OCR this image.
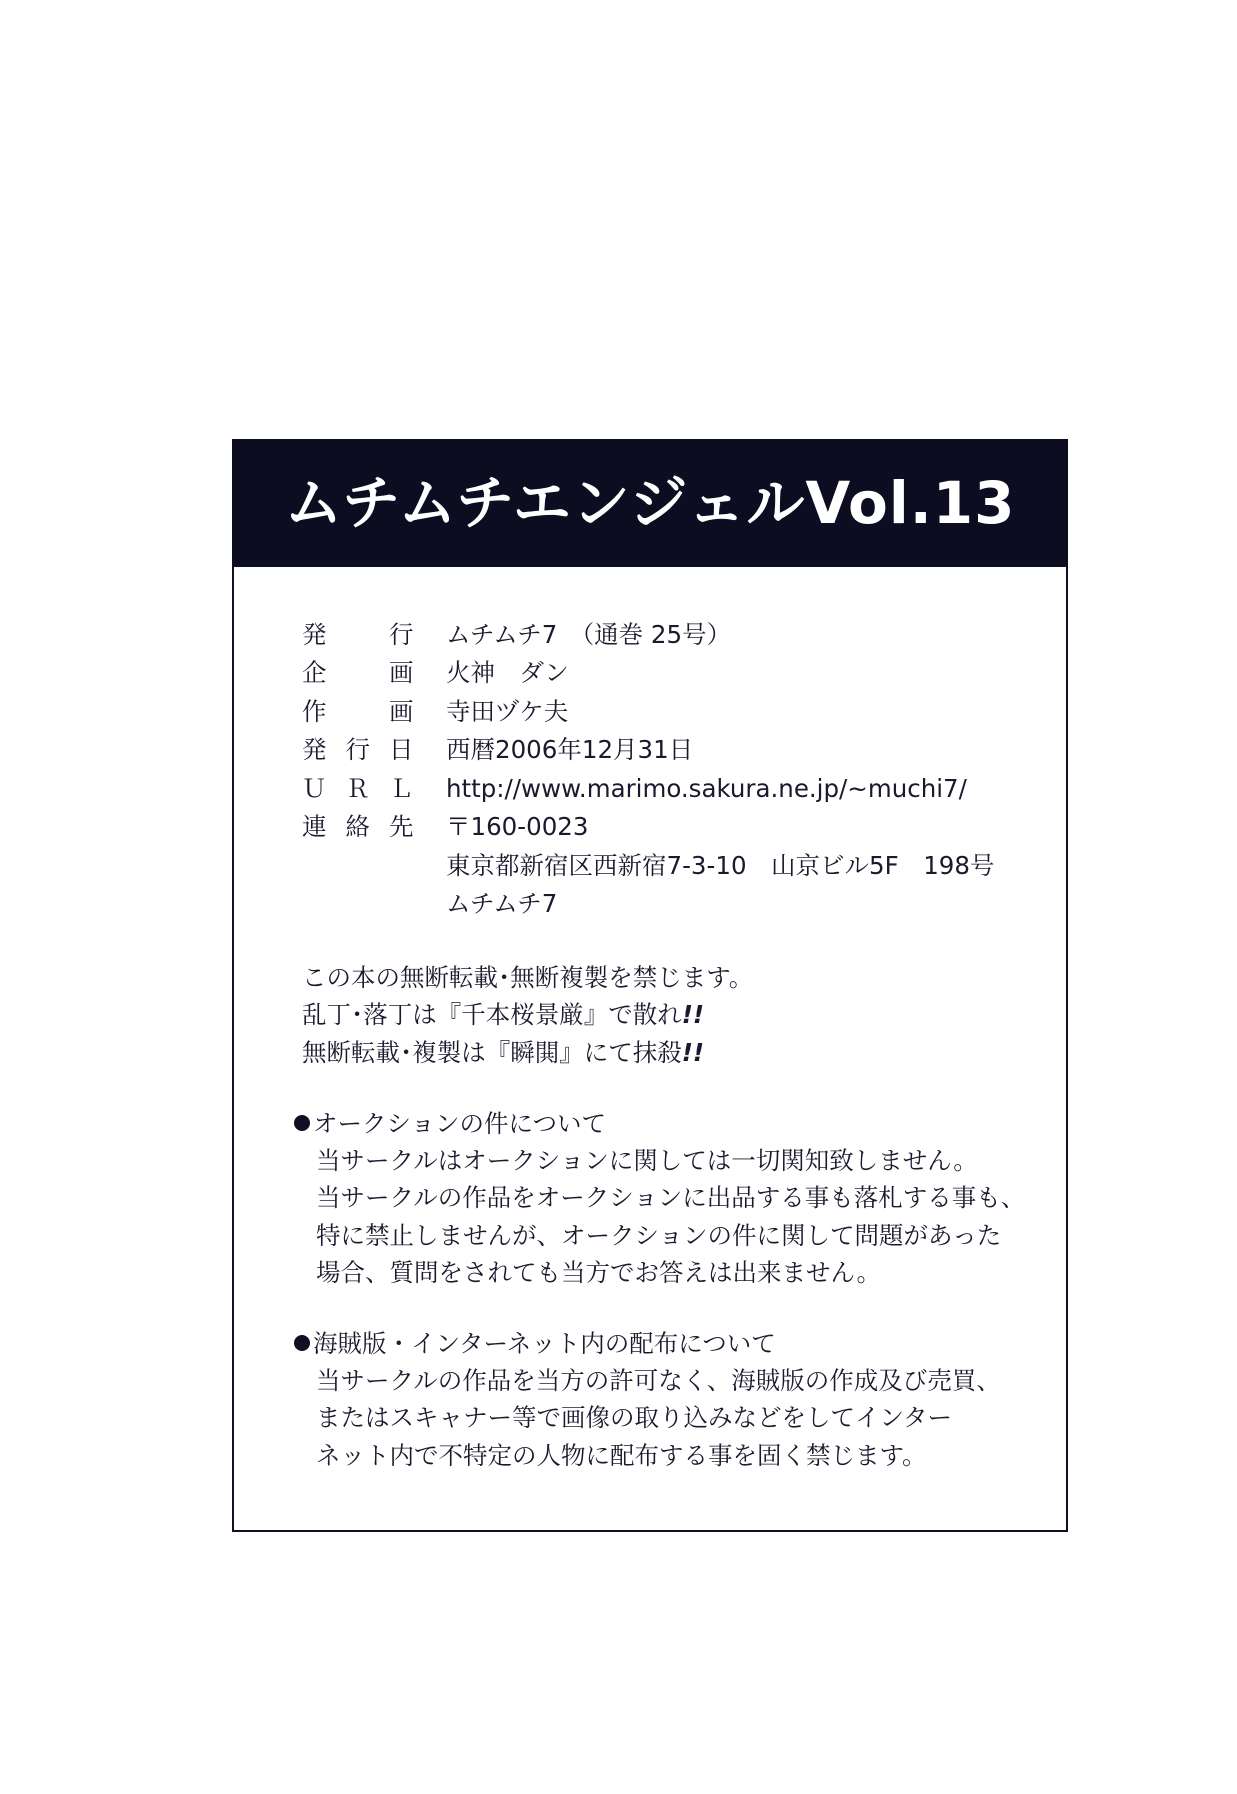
ムチムチエンジェルVol.13
発　行	ムチムチ7　（通巻 25号）
企　画	火神　ダン
作　画	寺田ヅケ夫
発行日	西暦2006年12月31日
ＵＲＬ	http://www.marimo.sakura.ne.jp/~muchi7/
連絡先	〒160-0023
	東京都新宿区西新宿7-3-10　山京ビル5F　198号
	ムチムチ7
この本の無断転載･無断複製を禁じます。
乱丁･落丁は『千本桜景厳』で散れ!!
無断転載･複製は『瞬閧』にて抹殺!!
オークションの件について
当サークルはオークションに関しては一切関知致しません。
当サークルの作品をオークションに出品する事も落札する事も、
特に禁止しませんが、オークションの件に関して問題があった
場合、質問をされても当方でお答えは出来ません。
海賊版・インターネット内の配布について
当サークルの作品を当方の許可なく、海賊版の作成及び売買、
またはスキャナー等で画像の取り込みなどをしてインター
ネット内で不特定の人物に配布する事を固く禁じます。
